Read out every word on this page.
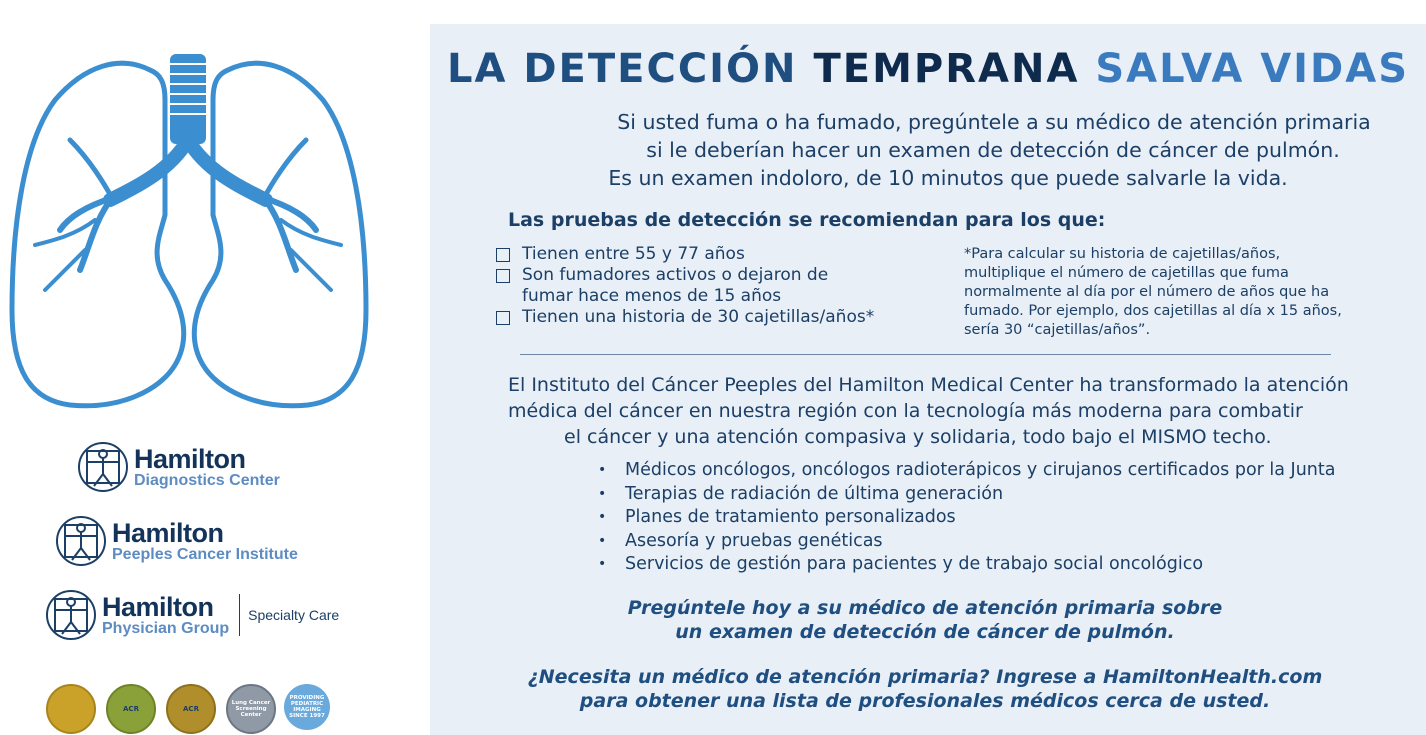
Hamilton
Diagnostics Center
Hamilton
Peeples Cancer Institute
Hamilton
Physician Group
Specialty Care
ACR	ACR
Lung Cancer Screening Center
PROVIDING PEDIATRIC IMAGING SINCE 1997
LA DETECCIÓN TEMPRANA SALVA VIDAS
Si usted fuma o ha fumado, pregúntele a su médico de atención primaria
si le deberían hacer un examen de detección de cáncer de pulmón.
Es un examen indoloro, de 10 minutos que puede salvarle la vida.
Las pruebas de detección se recomiendan para los que:
Tienen entre 55 y 77 años
Son fumadores activos o dejaron de
fumar hace menos de 15 años
Tienen una historia de 30 cajetillas/años*
*Para calcular su historia de cajetillas/años,
multiplique el número de cajetillas que fuma
normalmente al día por el número de años que ha
fumado. Por ejemplo, dos cajetillas al día x 15 años,
sería 30 “cajetillas/años”.
El Instituto del Cáncer Peeples del Hamilton Medical Center ha transformado la atención
médica del cáncer en nuestra región con la tecnología más moderna para combatir
el cáncer y una atención compasiva y solidaria, todo bajo el MISMO techo.
• Médicos oncólogos, oncólogos radioterápicos y cirujanos certificados por la Junta
• Terapias de radiación de última generación
• Planes de tratamiento personalizados
• Asesoría y pruebas genéticas
• Servicios de gestión para pacientes y de trabajo social oncológico
Pregúntele hoy a su médico de atención primaria sobre
un examen de detección de cáncer de pulmón.
¿Necesita un médico de atención primaria? Ingrese a HamiltonHealth.com
para obtener una lista de profesionales médicos cerca de usted.
